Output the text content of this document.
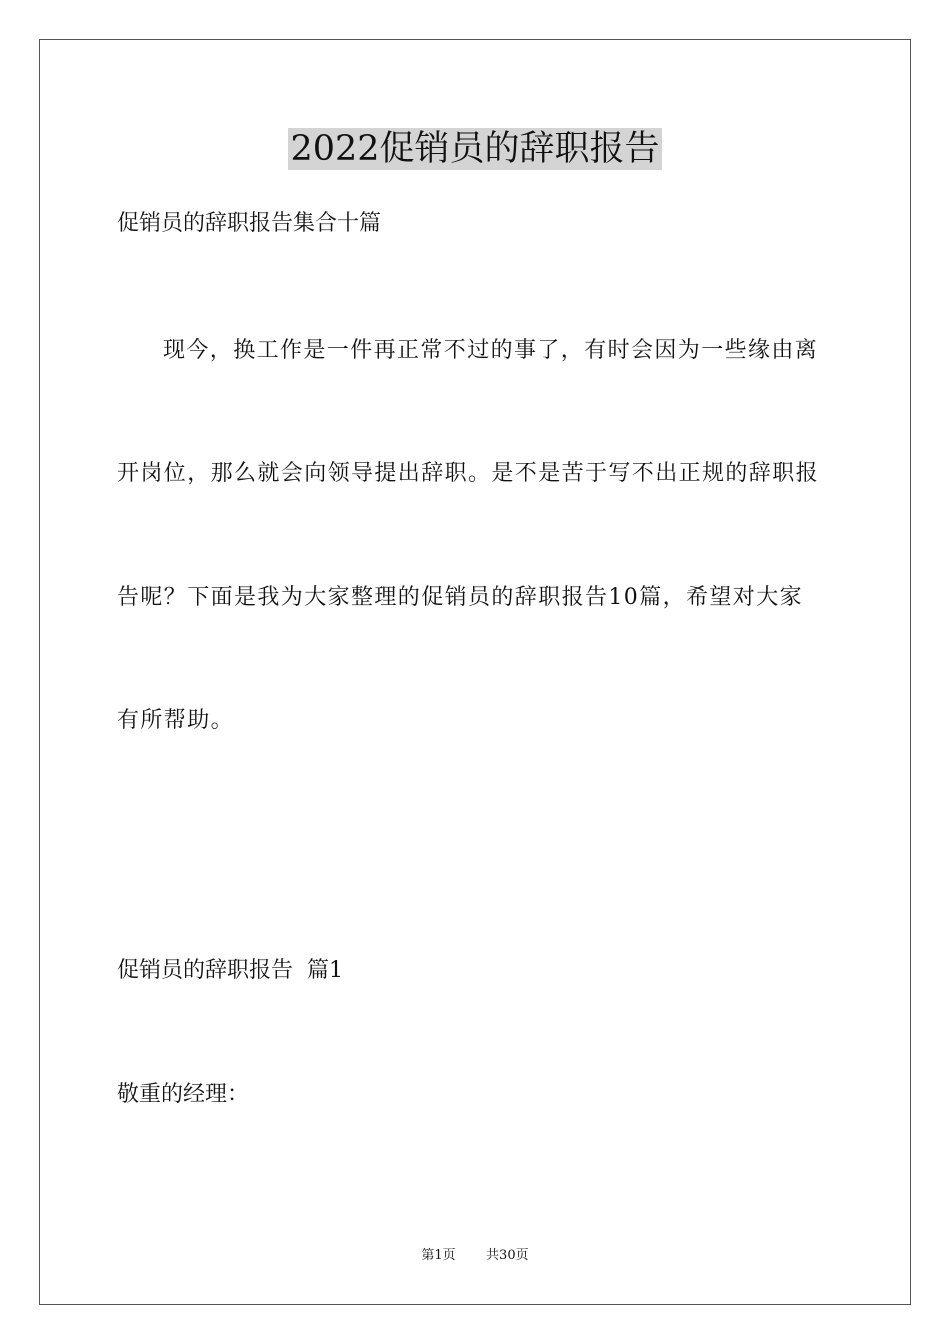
2022促销员的辞职报告
促销员的辞职报告集合十篇
现今，换工作是一件再正常不过的事了，有时会因为一些缘由离
开岗位，那么就会向领导提出辞职。是不是苦于写不出正规的辞职报
告呢？下面是我为大家整理的促销员的辞职报告10篇，希望对大家
有所帮助。
促销员的辞职报告  篇1
敬重的经理：
第1页   共30页
